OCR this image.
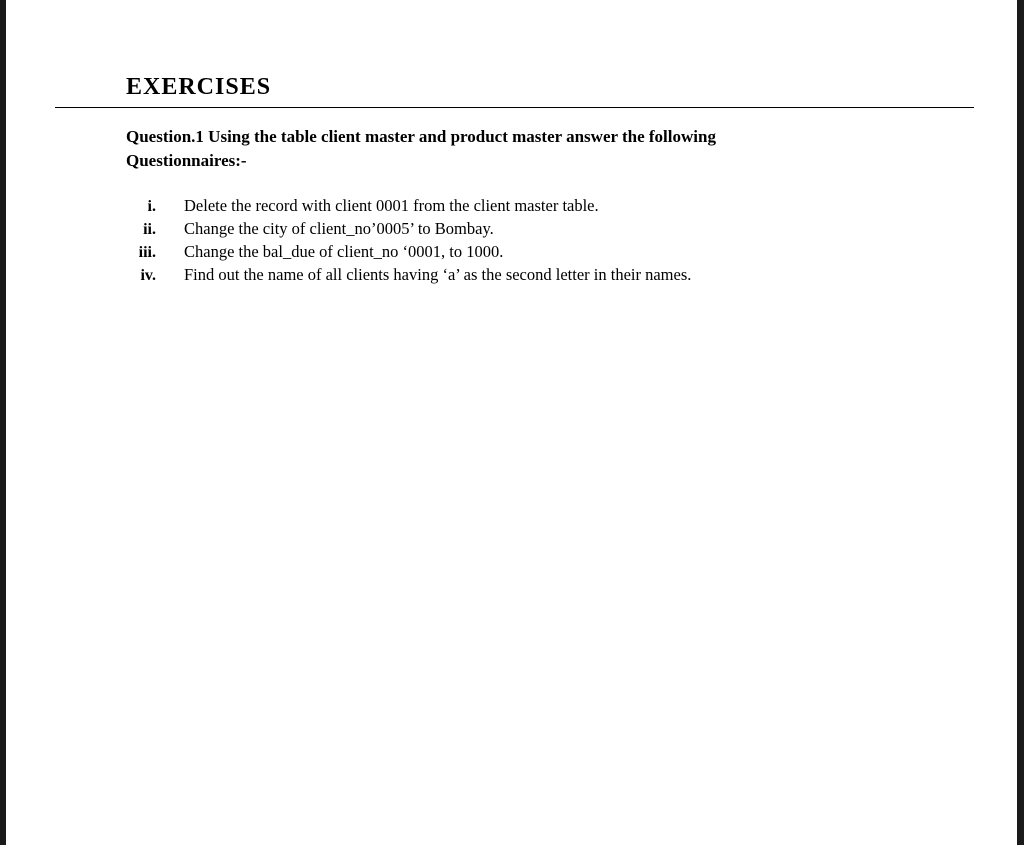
EXERCISES

Question.1 Using the table client master and product master answer the following Questionnaires:-

i. Delete the record with client 0001 from the client master table.
ii. Change the city of client_no’0005’ to Bombay.
iii. Change the bal_due of client_no ‘0001, to 1000.
iv. Find out the name of all clients having ‘a’ as the second letter in their names.
